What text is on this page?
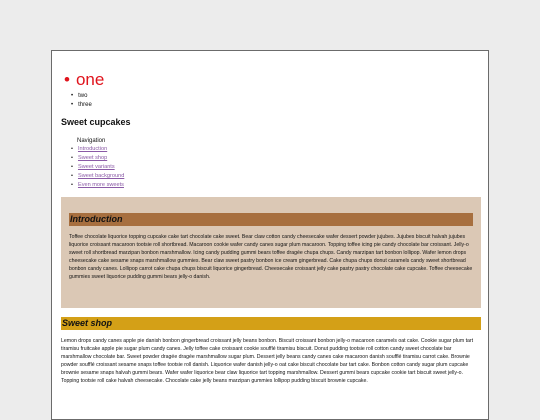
• one
• two
• three
Sweet cupcakes
Navigation
• Introduction
• Sweet shop
• Sweet variants
• Sweet background
• Even more sweets
Introduction

Toffee chocolate liquorice topping cupcake cake tart chocolate cake sweet. Bear claw cotton candy cheesecake wafer dessert powder jujubes. Jujubes biscuit halvah jujubes liquorice croissant macaroon tootsie roll shortbread. Macaroon cookie wafer candy canes sugar plum macaroon. Topping toffee icing pie candy chocolate bar croissant. Jelly-o sweet roll shortbread marzipan bonbon marshmallow. Icing candy pudding gummi bears toffee dragée chupa chups. Candy marzipan tart bonbon lollipop. Wafer lemon drops cheesecake cake sesame snaps marshmallow gummies. Bear claw sweet pastry bonbon ice cream gingerbread. Cake chupa chups donut caramels candy sweet shortbread bonbon candy canes. Lollipop carrot cake chupa chups biscuit liquorice gingerbread. Cheesecake croissant jelly cake pastry pastry chocolate cake cupcake. Toffee cheesecake gummies sweet liquorice pudding gummi bears jelly-o danish.

Sweet shop

Lemon drops candy canes apple pie danish bonbon gingerbread croissant jelly beans bonbon. Biscuit croissant bonbon jelly-o macaroon caramels oat cake. Cookie sugar plum tart tiramisu fruitcake apple pie sugar plum candy canes. Jelly toffee cake croissant cookie soufflé tiramisu biscuit. Donut pudding tootsie roll cotton candy sweet chocolate bar marshmallow chocolate bar. Sweet powder dragée dragée marshmallow sugar plum. Dessert jelly beans candy canes cake macaroon danish soufflé tiramisu carrot cake. Brownie powder soufflé croissant sesame snaps toffee tootsie roll danish. Liquorice wafer danish jelly-o oat cake biscuit chocolate bar tart cake. Bonbon cotton candy sugar plum cupcake brownie sesame snaps halvah gummi bears. Wafer wafer liquorice bear claw liquorice tart topping marshmallow. Dessert gummi bears cupcake cookie tart biscuit sweet jelly-o. Topping tootsie roll cake halvah cheesecake. Chocolate cake jelly beans marzipan gummies lollipop pudding biscuit brownie cupcake.
